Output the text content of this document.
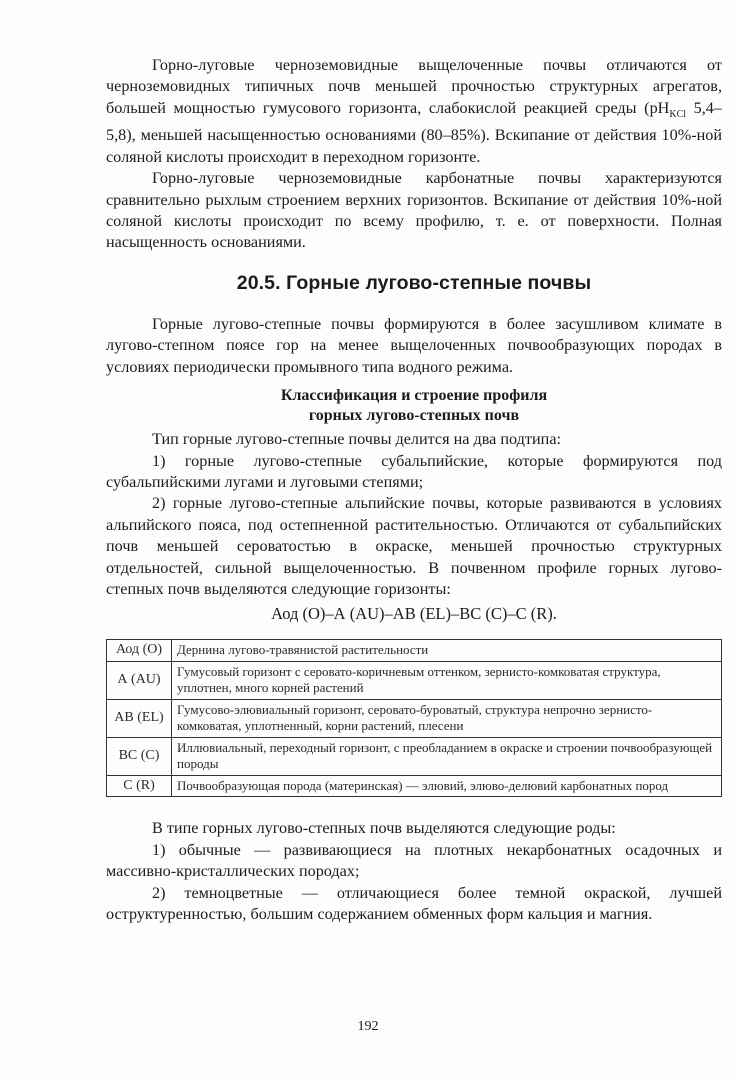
Горно-луговые черноземовидные выщелоченные почвы отличаются от черноземовидных типичных почв меньшей прочностью структурных агрегатов, большей мощностью гумусового горизонта, слабокислой реакцией среды ($pH_{KCl}$ 5,4–5,8), меньшей насыщенностью основаниями (80–85%). Вскипание от действия 10%-ной соляной кислоты происходит в переходном горизонте.

Горно-луговые черноземовидные карбонатные почвы характеризуются сравнительно рыхлым строением верхних горизонтов. Вскипание от действия 10%-ной соляной кислоты происходит по всему профилю, т. е. от поверхности. Полная насыщенность основаниями.

20.5. Горные лугово-степные почвы

Горные лугово-степные почвы формируются в более засушливом климате в лугово-степном поясе гор на менее выщелоченных почвообразующих породах в условиях периодически промывного типа водного режима.

Классификация и строение профиля
горных лугово-степных почв

Тип горные лугово-степные почвы делится на два подтипа:

1) горные лугово-степные субальпийские, которые формируются под субальпийскими лугами и луговыми степями;

2) горные лугово-степные альпийские почвы, которые развиваются в условиях альпийского пояса, под остепненной растительностью. Отличаются от субальпийских почв меньшей сероватостью в окраске, меньшей прочностью структурных отдельностей, сильной выщелоченностью. В почвенном профиле горных лугово-степных почв выделяются следующие горизонты:

Аод (О)–А (AU)–AB (EL)–BC (C)–C (R).
Аод (О)	Дернина лугово-травянистой растительности
А (AU)	Гумусовый горизонт с серовато-коричневым оттенком, зернисто-комковатая структура, уплотнен, много корней растений
АВ (EL)	Гумусово-элювиальный горизонт, серовато-буроватый, структура непрочно зернисто-комковатая, уплотненный, корни растений, плесени
ВС (С)	Иллювиальный, переходный горизонт, с преобладанием в окраске и строении почвообразующей породы
С (R)	Почвообразующая порода (материнская) — элювий, элюво-делювий карбонатных пород

В типе горных лугово-степных почв выделяются следующие роды:

1) обычные — развивающиеся на плотных некарбонатных осадочных и массивно-кристаллических породах;

2) темноцветные — отличающиеся более темной окраской, лучшей оструктуренностью, большим содержанием обменных форм кальция и магния.

192
